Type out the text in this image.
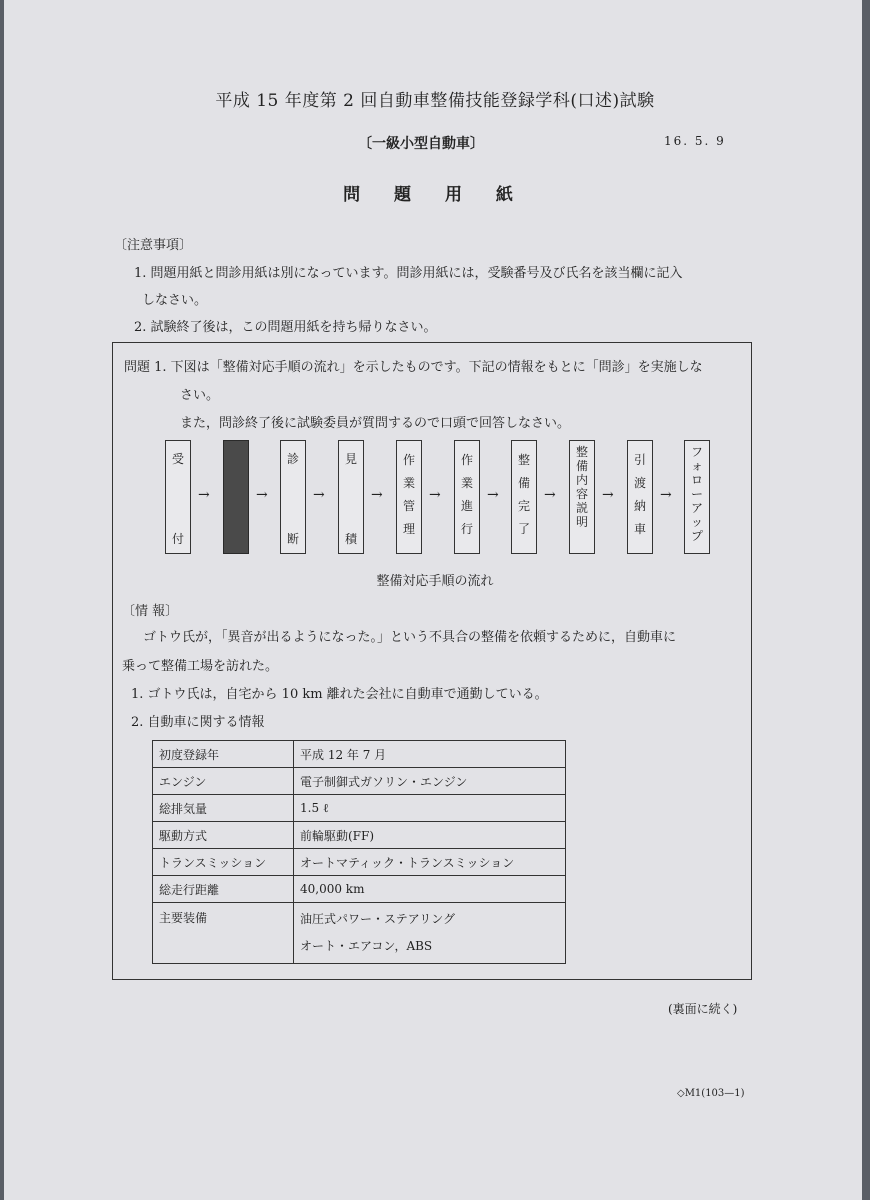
平成 15 年度第 2 回自動車整備技能登録学科(口述)試験
〔一級小型自動車〕	16. 5. 9
問 題 用 紙
〔注意事項〕
1. 問題用紙と問診用紙は別になっています。問診用紙には，受験番号及び氏名を該当欄に記入
しなさい。
2. 試験終了後は，この問題用紙を持ち帰りなさい。
問題 1. 下図は「整備対応手順の流れ」を示したものです。下記の情報をもとに「問診」を実施しな
さい。
また，問診終了後に試験委員が質問するので口頭で回答しなさい。
受

付
→

	→
診

断
→
見

積
→
作
業
管
理
→
作
業
進
行
→
整
備
完
了
→
整
備
内
容
説
明
→
引
渡
納
車
→
フ
ォ
ロ
ー
ア
ッ
プ
整備対応手順の流れ
〔情 報〕
ゴトウ氏が，「異音が出るようになった。」という不具合の整備を依頼するために，自動車に
乗って整備工場を訪れた。
1. ゴトウ氏は，自宅から 10 km 離れた会社に自動車で通勤している。
2. 自動車に関する情報
初度登録年	平成 12 年 7 月
エンジン	電子制御式ガソリン・エンジン
総排気量	1.5 ℓ
駆動方式	前輪駆動(FF)
トランスミッション	オートマティック・トランスミッション
総走行距離	40,000 km
主要装備	油圧式パワー・ステアリング
オート・エアコン，ABS
(裏面に続く)
◇M1(103—1)
